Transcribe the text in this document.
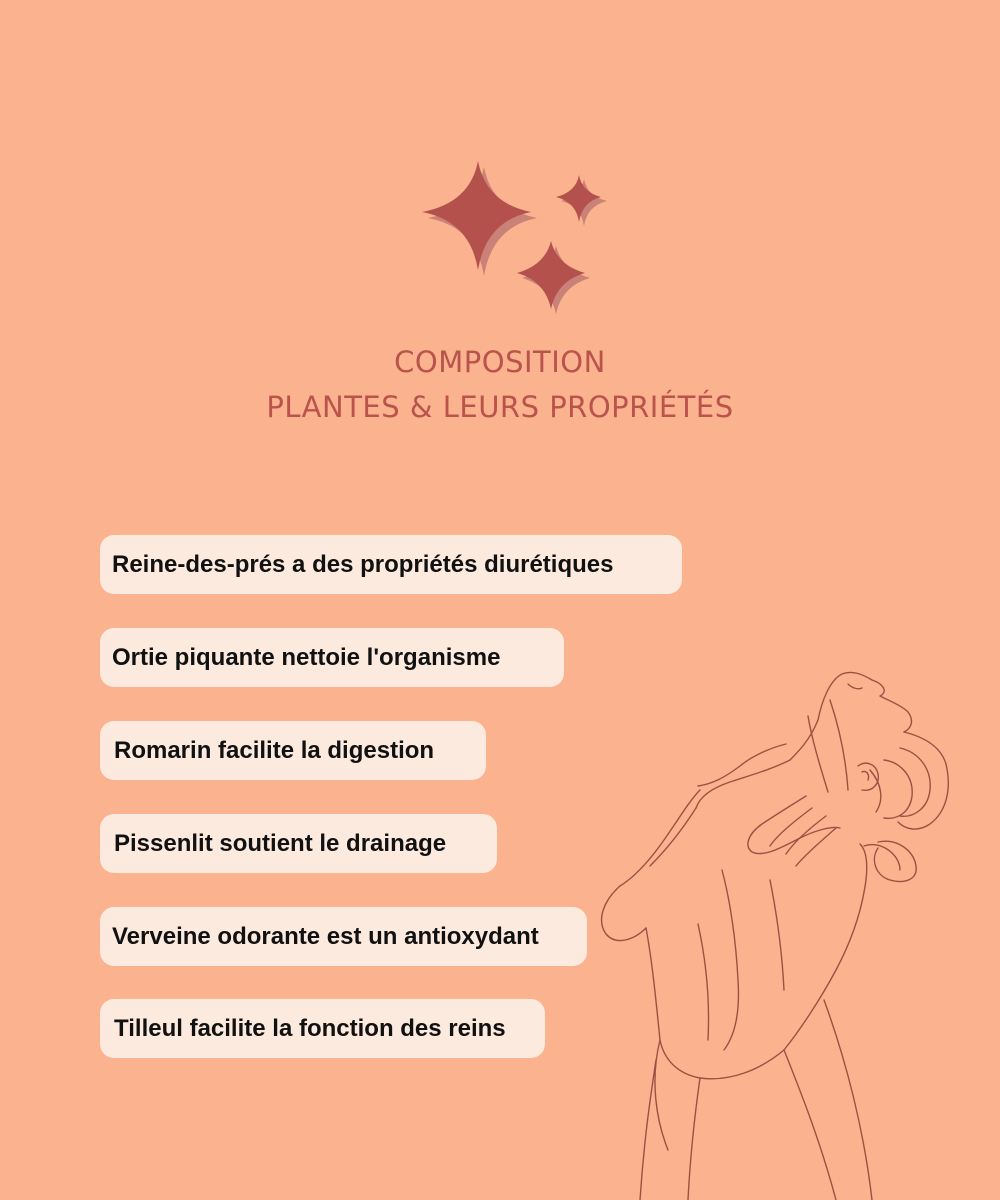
COMPOSITION
PLANTES & LEURS PROPRIÉTÉS
Reine-des-prés a des propriétés diurétiques
Ortie piquante nettoie l'organisme
Romarin facilite la digestion
Pissenlit soutient le drainage
Verveine odorante est un antioxydant
Tilleul facilite la fonction des reins
